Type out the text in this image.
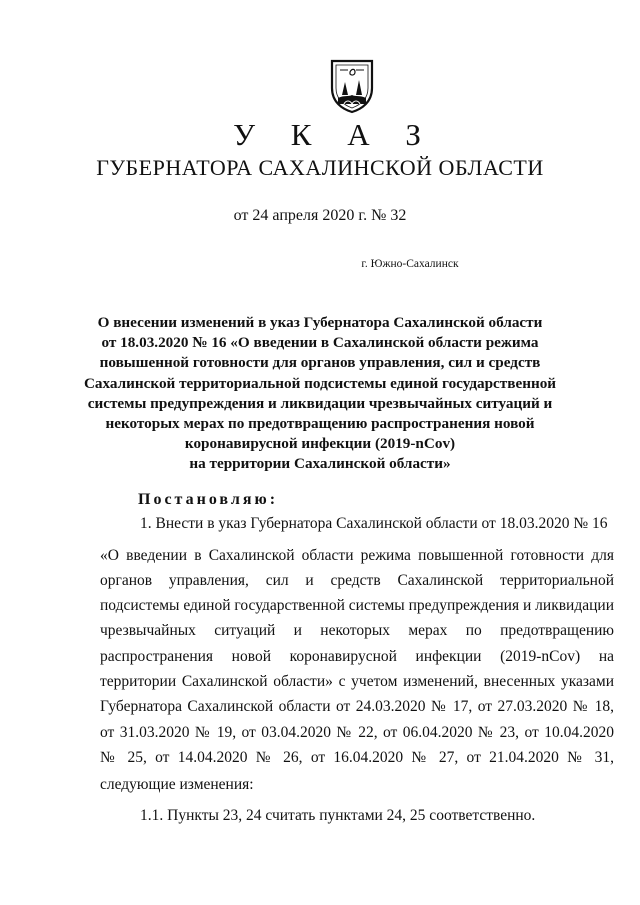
У К А З
ГУБЕРНАТОРА САХАЛИНСКОЙ ОБЛАСТИ
от 24 апреля 2020 г. № 32
г. Южно-Сахалинск
О внесении изменений в указ Губернатора Сахалинской области
от 18.03.2020 № 16 «О введении в Сахалинской области режима
повышенной готовности для органов управления, сил и средств
Сахалинской территориальной подсистемы единой государственной
системы предупреждения и ликвидации чрезвычайных ситуаций и
некоторых мерах по предотвращению распространения новой
коронавирусной инфекции (2019-nCov)
на территории Сахалинской области»
Постановляю:
1. Внести в указ Губернатора Сахалинской области от 18.03.2020 № 16
«О введении в Сахалинской области режима повышенной готовности для
органов управления, сил и средств Сахалинской территориальной
подсистемы единой государственной системы предупреждения и ликвидации
чрезвычайных ситуаций и некоторых мерах по предотвращению
распространения новой коронавирусной инфекции (2019-nCov) на
территории Сахалинской области» с учетом изменений, внесенных указами
Губернатора Сахалинской области от 24.03.2020 № 17, от 27.03.2020 № 18,
от 31.03.2020 № 19, от 03.04.2020 № 22, от 06.04.2020 № 23, от 10.04.2020
№ 25, от 14.04.2020 № 26, от 16.04.2020 № 27, от 21.04.2020 № 31,
следующие изменения:
1.1. Пункты 23, 24 считать пунктами 24, 25 соответственно.
